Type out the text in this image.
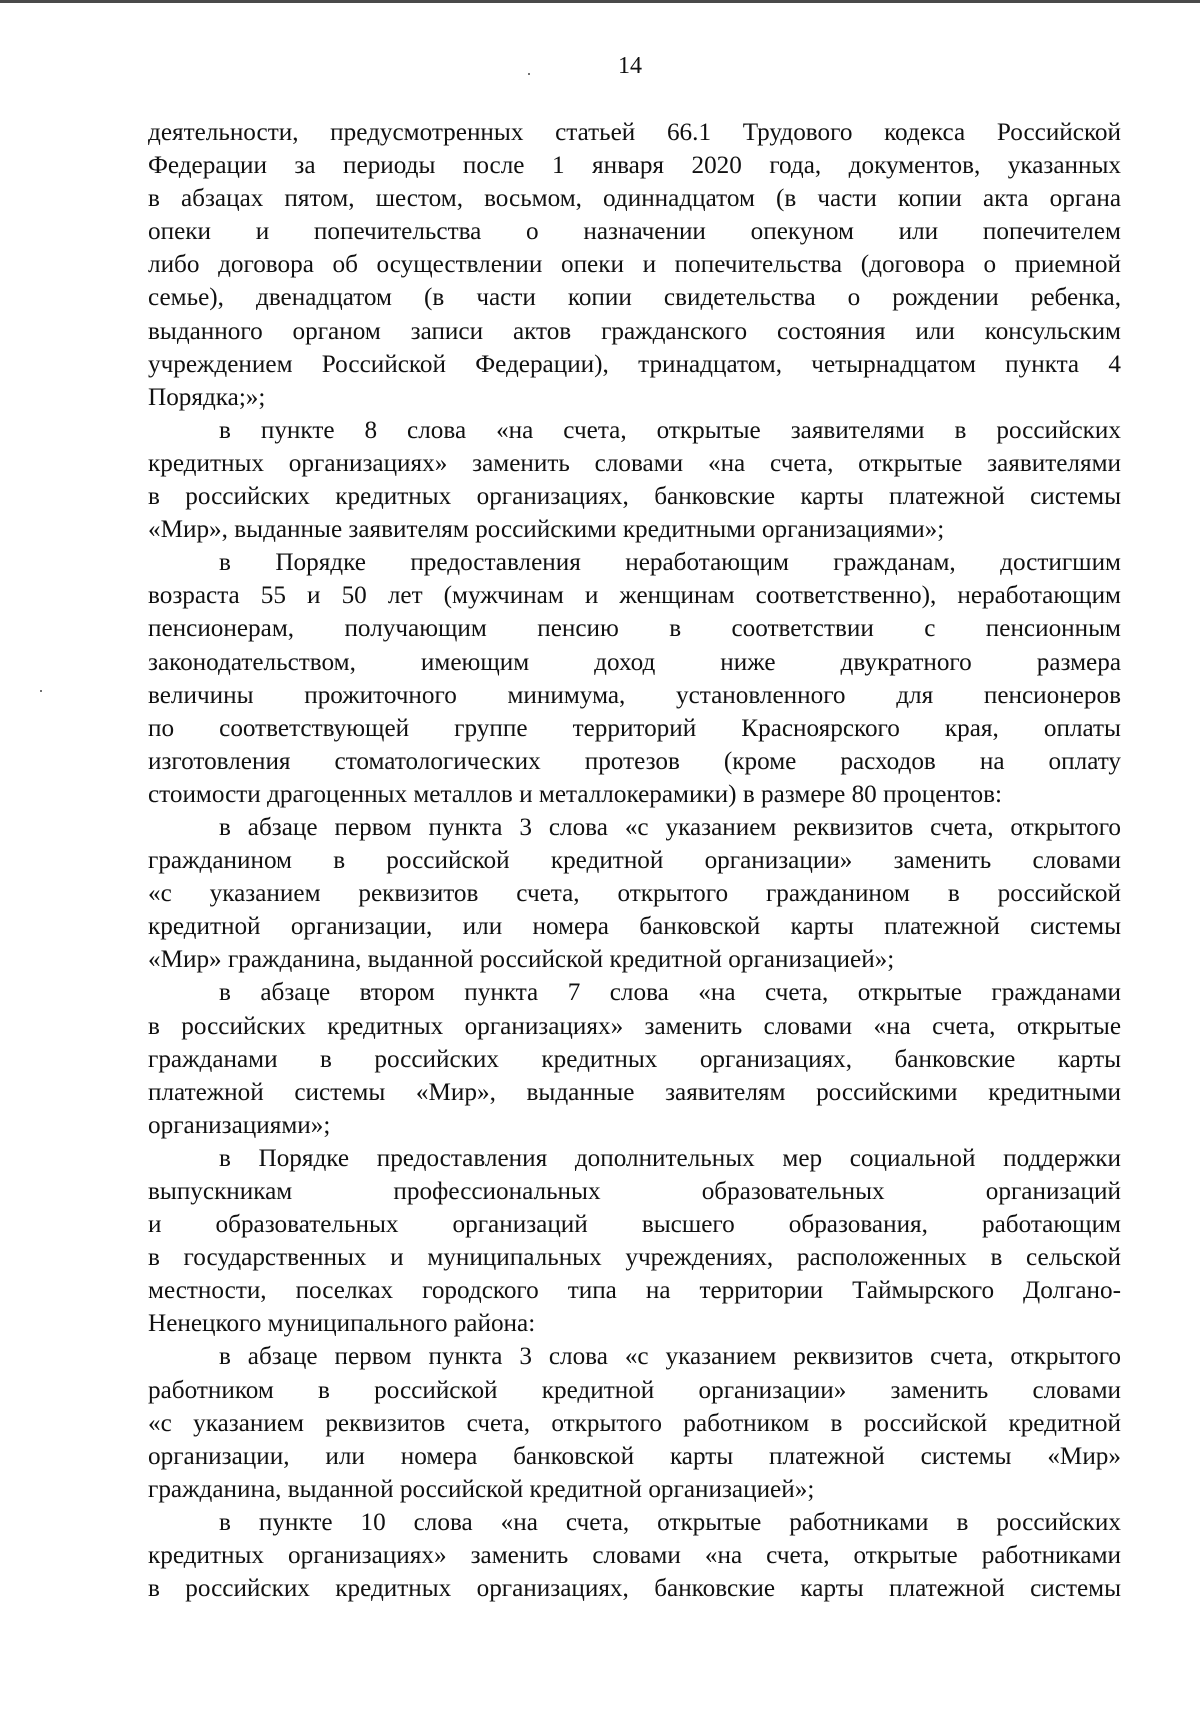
14
деятельности, предусмотренных статьей 66.1 Трудового кодекса Российской
Федерации за периоды после 1 января 2020 года, документов, указанных
в абзацах пятом, шестом, восьмом, одиннадцатом (в части копии акта органа
опеки и попечительства о назначении опекуном или попечителем
либо договора об осуществлении опеки и попечительства (договора о приемной
семье), двенадцатом (в части копии свидетельства о рождении ребенка,
выданного органом записи актов гражданского состояния или консульским
учреждением Российской Федерации), тринадцатом, четырнадцатом пункта 4
Порядка;»;
в пункте 8 слова «на счета, открытые заявителями в российских
кредитных организациях» заменить словами «на счета, открытые заявителями
в российских кредитных организациях, банковские карты платежной системы
«Мир», выданные заявителям российскими кредитными организациями»;
в Порядке предоставления неработающим гражданам, достигшим
возраста 55 и 50 лет (мужчинам и женщинам соответственно), неработающим
пенсионерам, получающим пенсию в соответствии с пенсионным
законодательством, имеющим доход ниже двукратного размера
величины прожиточного минимума, установленного для пенсионеров
по соответствующей группе территорий Красноярского края, оплаты
изготовления стоматологических протезов (кроме расходов на оплату
стоимости драгоценных металлов и металлокерамики) в размере 80 процентов:
в абзаце первом пункта 3 слова «с указанием реквизитов счета, открытого
гражданином в российской кредитной организации» заменить словами
«с указанием реквизитов счета, открытого гражданином в российской
кредитной организации, или номера банковской карты платежной системы
«Мир» гражданина, выданной российской кредитной организацией»;
в абзаце втором пункта 7 слова «на счета, открытые гражданами
в российских кредитных организациях» заменить словами «на счета, открытые
гражданами в российских кредитных организациях, банковские карты
платежной системы «Мир», выданные заявителям российскими кредитными
организациями»;
в Порядке предоставления дополнительных мер социальной поддержки
выпускникам профессиональных образовательных организаций
и образовательных организаций высшего образования, работающим
в государственных и муниципальных учреждениях, расположенных в сельской
местности, поселках городского типа на территории Таймырского Долгано-
Ненецкого муниципального района:
в абзаце первом пункта 3 слова «с указанием реквизитов счета, открытого
работником в российской кредитной организации» заменить словами
«с указанием реквизитов счета, открытого работником в российской кредитной
организации, или номера банковской карты платежной системы «Мир»
гражданина, выданной российской кредитной организацией»;
в пункте 10 слова «на счета, открытые работниками в российских
кредитных организациях» заменить словами «на счета, открытые работниками
в российских кредитных организациях, банковские карты платежной системы
